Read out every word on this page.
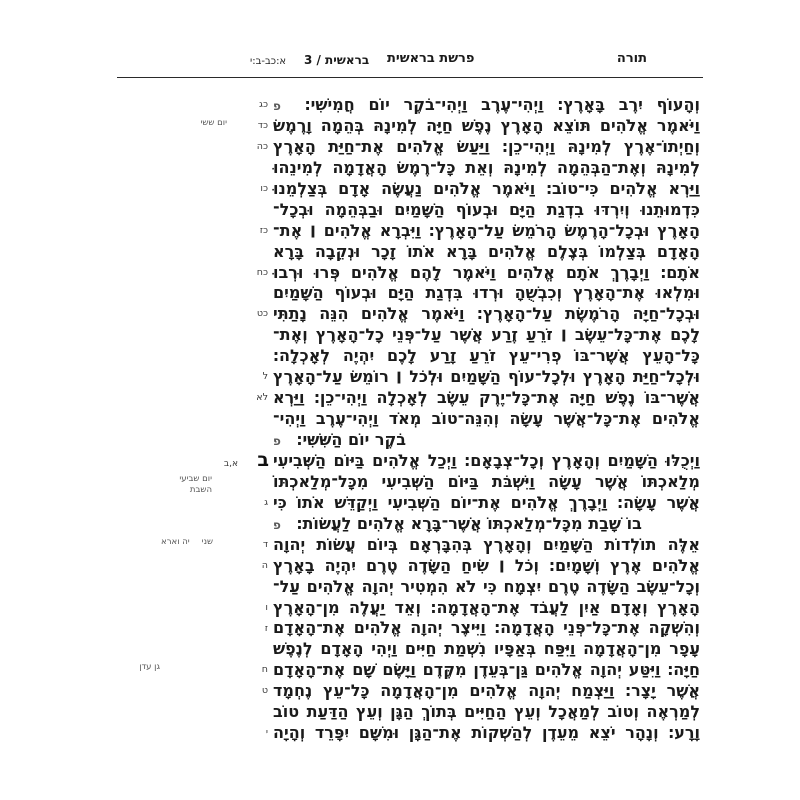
תורה
פרשת בראשית
בראשית / 3 א:כב-ב:י
ב
א,ב
וְהָעוֹף יִרֶב בָּאָרֶץ׃ וַיְהִי־עֶרֶב וַיְהִי־בֹקֶר יוֹם חֲמִישִׁי׃ פ
וַיֹּאמֶר אֱלֹהִים תּוֹצֵא הָאָרֶץ נֶפֶשׁ חַיָּה לְמִינָהּ בְּהֵמָה וָרֶמֶשׂ
וְחַיְתוֹ־אֶרֶץ לְמִינָהּ וַיְהִי־כֵן׃ וַיַּעַשׂ אֱלֹהִים אֶת־חַיַּת הָאָרֶץ
לְמִינָהּ וְאֶת־הַבְּהֵמָה לְמִינָהּ וְאֵת כָּל־רֶמֶשׂ הָאֲדָמָה לְמִינֵהוּ
וַיַּרְא אֱלֹהִים כִּי־טוֹב׃ וַיֹּאמֶר אֱלֹהִים נַעֲשֶׂה אָדָם בְּצַלְמֵנוּ
כִּדְמוּתֵנוּ וְיִרְדּוּ בִדְגַת הַיָּם וּבְעוֹף הַשָּׁמַיִם וּבַבְּהֵמָה וּבְכָל־
הָאָרֶץ וּבְכָל־הָרֶמֶשׂ הָרֹמֵשׂ עַל־הָאָרֶץ׃ וַיִּבְרָא אֱלֹהִים ׀ אֶת־
הָאָדָם בְּצַלְמוֹ בְּצֶלֶם אֱלֹהִים בָּרָא אֹתוֹ זָכָר וּנְקֵבָה בָּרָא
אֹתָם׃ וַיְבָרֶךְ אֹתָם אֱלֹהִים וַיֹּאמֶר לָהֶם אֱלֹהִים פְּרוּ וּרְבוּ
וּמִלְאוּ אֶת־הָאָרֶץ וְכִבְשֻׁהָ וּרְדוּ בִּדְגַת הַיָּם וּבְעוֹף הַשָּׁמַיִם
וּבְכָל־חַיָּה הָרֹמֶשֶׂת עַל־הָאָרֶץ׃ וַיֹּאמֶר אֱלֹהִים הִנֵּה נָתַתִּי
לָכֶם אֶת־כָּל־עֵשֶׂב ׀ זֹרֵעַ זֶרַע אֲשֶׁר עַל־פְּנֵי כָל־הָאָרֶץ וְאֶת־
כָּל־הָעֵץ אֲשֶׁר־בּוֹ פְרִי־עֵץ זֹרֵעַ זָרַע לָכֶם יִהְיֶה לְאָכְלָה׃
וּלְכָל־חַיַּת הָאָרֶץ וּלְכָל־עוֹף הַשָּׁמַיִם וּלְכֹל ׀ רוֹמֵשׂ עַל־הָאָרֶץ
אֲשֶׁר־בּוֹ נֶפֶשׁ חַיָּה אֶת־כָּל־יֶרֶק עֵשֶׂב לְאָכְלָה וַיְהִי־כֵן׃ וַיַּרְא
אֱלֹהִים אֶת־כָּל־אֲשֶׁר עָשָׂה וְהִנֵּה־טוֹב מְאֹד וַיְהִי־עֶרֶב וַיְהִי־
בֹקֶר יוֹם הַשִּׁשִּׁי׃ פ
וַיְכֻלּוּ הַשָּׁמַיִם וְהָאָרֶץ וְכָל־צְבָאָם׃ וַיְכַל אֱלֹהִים בַּיּוֹם הַשְּׁבִיעִי
מְלַאכְתּוֹ אֲשֶׁר עָשָׂה וַיִּשְׁבֹּת בַּיּוֹם הַשְּׁבִיעִי מִכָּל־מְלַאכְתּוֹ
אֲשֶׁר עָשָׂה׃ וַיְבָרֶךְ אֱלֹהִים אֶת־יוֹם הַשְּׁבִיעִי וַיְקַדֵּשׁ אֹתוֹ כִּי
בוֹ שָׁבַת מִכָּל־מְלַאכְתּוֹ אֲשֶׁר־בָּרָא אֱלֹהִים לַעֲשׂוֹת׃ פ
אֵלֶּה תוֹלְדוֹת הַשָּׁמַיִם וְהָאָרֶץ בְּהִבָּרְאָם בְּיוֹם עֲשׂוֹת יְהוָה
אֱלֹהִים אֶרֶץ וְשָׁמָיִם׃ וְכֹל ׀ שִׂיחַ הַשָּׂדֶה טֶרֶם יִהְיֶה בָאָרֶץ
וְכָל־עֵשֶׂב הַשָּׂדֶה טֶרֶם יִצְמָח כִּי לֹא הִמְטִיר יְהוָה אֱלֹהִים עַל־
הָאָרֶץ וְאָדָם אַיִן לַעֲבֹד אֶת־הָאֲדָמָה׃ וְאֵד יַעֲלֶה מִן־הָאָרֶץ
וְהִשְׁקָה אֶת־כָּל־פְּנֵי הָאֲדָמָה׃ וַיִּיצֶר יְהוָה אֱלֹהִים אֶת־הָאָדָם
עָפָר מִן־הָאֲדָמָה וַיִּפַּח בְּאַפָּיו נִשְׁמַת חַיִּים וַיְהִי הָאָדָם לְנֶפֶשׁ
חַיָּה׃ וַיִּטַּע יְהוָה אֱלֹהִים גַּן־בְּעֵדֶן מִקֶּדֶם וַיָּשֶׂם שָׁם אֶת־הָאָדָם
אֲשֶׁר יָצָר׃ וַיַּצְמַח יְהוָה אֱלֹהִים מִן־הָאֲדָמָה כָּל־עֵץ נֶחְמָד
לְמַרְאֶה וְטוֹב לְמַאֲכָל וְעֵץ הַחַיִּים בְּתוֹךְ הַגָּן וְעֵץ הַדַּעַת טוֹב
וָרָע׃ וְנָהָר יֹצֵא מֵעֵדֶן לְהַשְׁקוֹת אֶת־הַגָּן וּמִשָּׁם יִפָּרֵד וְהָיָה
כג
כד
כה
כו
כז
כח
כט
ל
לא
ג
ד
ה
ו
ז
ח
ט
י
יום ששי
יום שביעי
השבת
שנייה וארא
גן עדן
